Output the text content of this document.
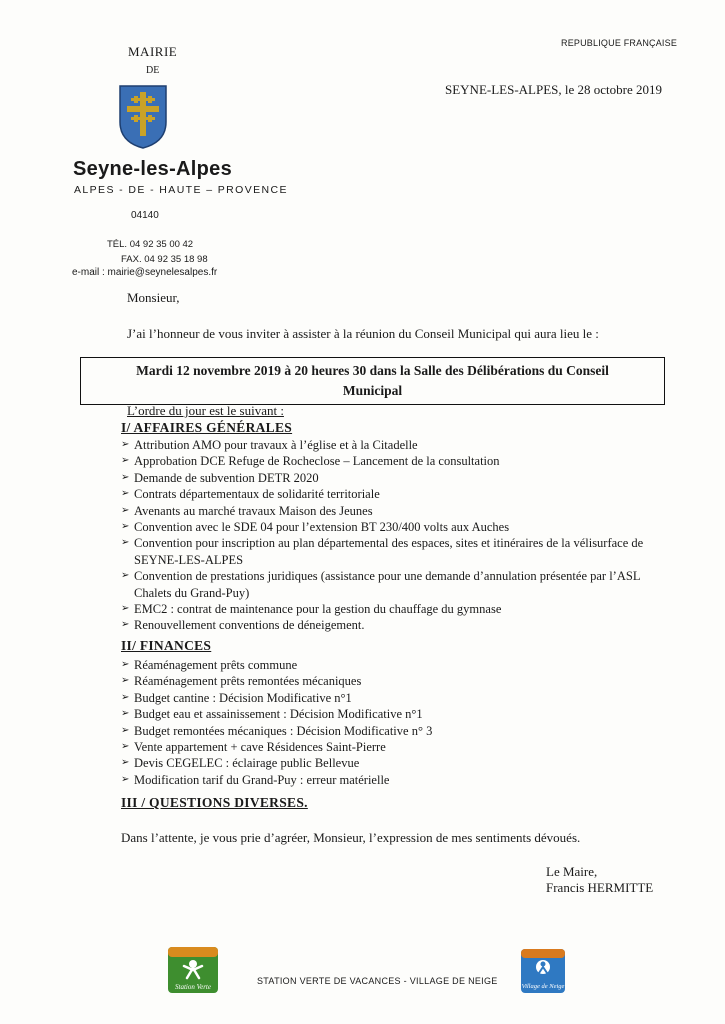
MAIRIE
DE
Seyne-les-Alpes
ALPES - DE - HAUTE – PROVENCE
04140
TÉL. 04 92 35 00 42
FAX. 04 92 35 18 98
e-mail : mairie@seynelesalpes.fr
REPUBLIQUE FRANÇAISE
SEYNE-LES-ALPES, le 28 octobre 2019
Monsieur,
J’ai l’honneur de vous inviter à assister à la réunion du Conseil Municipal qui aura lieu le :
Mardi 12 novembre 2019 à 20 heures 30 dans la Salle des Délibérations du Conseil
Municipal
L’ordre du jour est le suivant :
I/ AFFAIRES GÉNÉRALES
➢ Attribution AMO pour travaux à l’église et à la Citadelle
➢ Approbation DCE Refuge de Rocheclose – Lancement de la consultation
➢ Demande de subvention DETR 2020
➢ Contrats départementaux de solidarité territoriale
➢ Avenants au marché travaux Maison des Jeunes
➢ Convention avec le SDE 04 pour l’extension BT 230/400 volts aux Auches
➢ Convention pour inscription au plan départemental des espaces, sites et itinéraires de la vélisurface de SEYNE-LES-ALPES
➢ Convention de prestations juridiques (assistance pour une demande d’annulation présentée par l’ASL Chalets du Grand-Puy)
➢ EMC2 : contrat de maintenance pour la gestion du chauffage du gymnase
➢ Renouvellement conventions de déneigement.
II/ FINANCES
➢ Réaménagement prêts commune
➢ Réaménagement prêts remontées mécaniques
➢ Budget cantine : Décision Modificative n°1
➢ Budget eau et assainissement : Décision Modificative n°1
➢ Budget remontées mécaniques : Décision Modificative n° 3
➢ Vente appartement + cave Résidences Saint-Pierre
➢ Devis CEGELEC : éclairage public Bellevue
➢ Modification tarif du Grand-Puy : erreur matérielle
III / QUESTIONS DIVERSES.
Dans l’attente, je vous prie d’agréer, Monsieur, l’expression de mes sentiments dévoués.
Le Maire,
Francis HERMITTE
Station Verte
STATION VERTE DE VACANCES - VILLAGE DE NEIGE
Village de Neige
